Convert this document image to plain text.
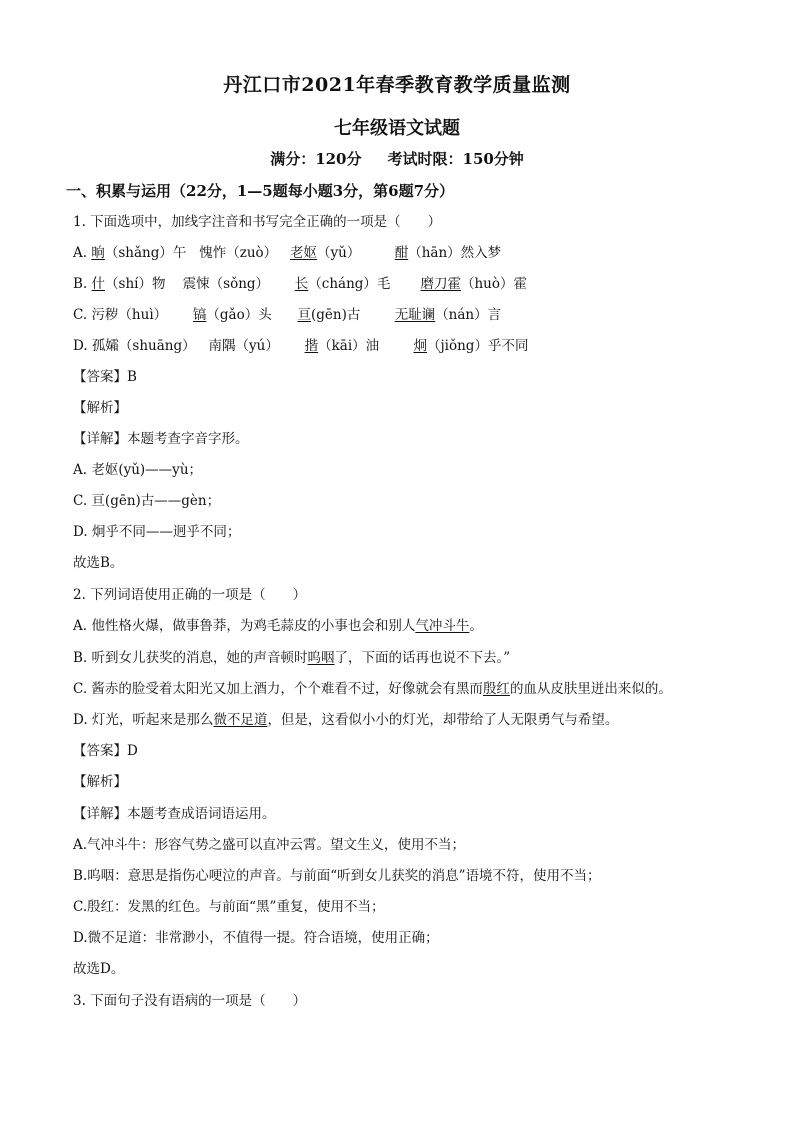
丹江口市2021年春季教育教学质量监测
七年级语文试题
满分：120分 考试时限：150分钟
一、积累与运用（22分，1—5题每小题3分，第6题7分）
1. 下面选项中，加线字注音和书写完全正确的一项是（　　）
A. 晌（shǎng）午 愧怍（zuò） 老妪（yǔ）	酣（hān）然入梦
B. 什（shí）物 震悚（sǒng） 长（cháng）毛 磨刀霍（huò）霍
C. 污秽（huì） 镐（gǎo）头 亘(gēn)古	无耻谰（nán）言
D. 孤孀（shuāng） 南隅（yú） 揩（kāi）油	炯（jiǒng）乎不同
【答案】B
【解析】
【详解】本题考查字音字形。
A. 老妪(yǔ)——yù；
C. 亘(gēn)古——gèn；
D. 炯乎不同——迥乎不同；
故选B。
2. 下列词语使用正确的一项是（　　）
A. 他性格火爆，做事鲁莽，为鸡毛蒜皮的小事也会和别人气冲斗牛。
B. 听到女儿获奖的消息，她的声音顿时呜咽了，下面的话再也说不下去。”
C. 酱赤的脸受着太阳光又加上酒力，个个难看不过，好像就会有黑而殷红的血从皮肤里迸出来似的。
D. 灯光，听起来是那么微不足道，但是，这看似小小的灯光，却带给了人无限勇气与希望。
【答案】D
【解析】
【详解】本题考查成语词语运用。
A.气冲斗牛：形容气势之盛可以直冲云霄。望文生义，使用不当；
B.呜咽：意思是指伤心哽泣的声音。与前面“听到女儿获奖的消息”语境不符，使用不当；
C.殷红：发黑的红色。与前面“黑”重复，使用不当；
D.微不足道：非常渺小，不值得一提。符合语境，使用正确；
故选D。
3. 下面句子没有语病的一项是（　　）
